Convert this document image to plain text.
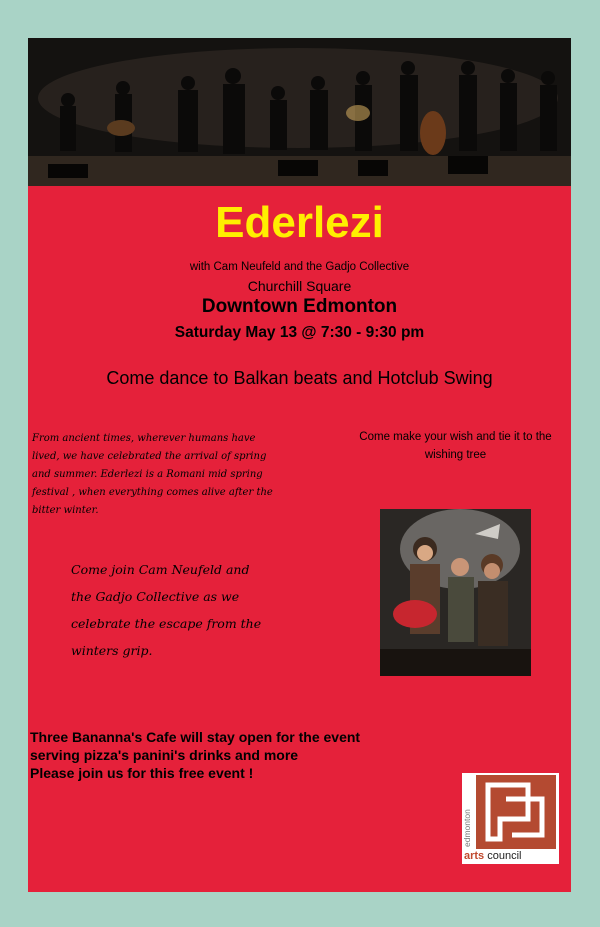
Ederlezi
with Cam Neufeld and the Gadjo Collective
Churchill Square
Downtown Edmonton
Saturday May 13 @ 7:30 - 9:30 pm
Come dance to Balkan beats and Hotclub Swing
From ancient times, wherever humans have
lived, we have celebrated the arrival of spring
and summer. Ederlezi is a Romani mid spring
festival , when everything comes alive after the
bitter winter.
Come join Cam Neufeld and
the Gadjo Collective as we
celebrate the escape from the
winters grip.
Come make your wish and tie it to the wishing tree
Three Bananna's Cafe will stay open for the event
serving pizza's panini's drinks and more
Please join us for this free event !
edmonton
arts council
